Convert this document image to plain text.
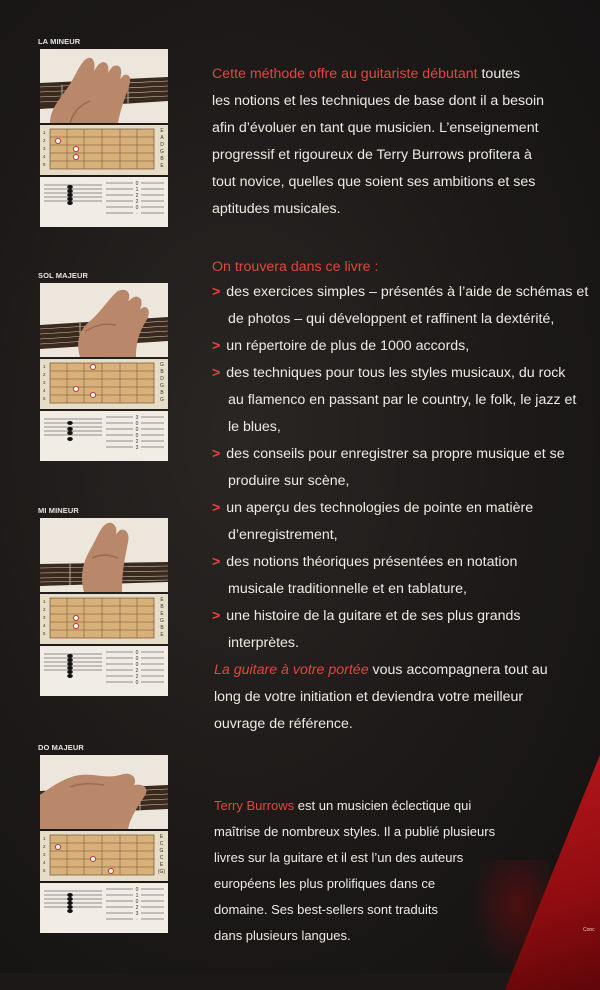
Conc
LA MINEUR
1
2
3
4
5
E
A
D
G
B
E
0
1
2
2
0
·
SOL MAJEUR
1
2
3
4
5
G
B
D
G
B
G
3
0
0
0
2
3
MI MINEUR
1
2
3
4
5
E
B
E
G
B
E
0
0
0
2
2
0
DO MAJEUR
1
2
3
4
5
E
C
G
C
E
(G)
0
1
0
2
3
·
Cette méthode offre au guitariste débutant toutes
les notions et les techniques de base dont il a besoin
afin d’évoluer en tant que musicien. L’enseignement
progressif et rigoureux de Terry Burrows profitera à
tout novice, quelles que soient ses ambitions et ses
aptitudes musicales.
On trouvera dans ce livre :
> des exercices simples – présentés à l’aide de schémas et
de photos – qui développent et raffinent la dextérité,
> un répertoire de plus de 1000 accords,
> des techniques pour tous les styles musicaux, du rock
au flamenco en passant par le country, le folk, le jazz et
le blues,
> des conseils pour enregistrer sa propre musique et se
produire sur scène,
> un aperçu des technologies de pointe en matière
d’enregistrement,
> des notions théoriques présentées en notation
musicale traditionnelle et en tablature,
> une histoire de la guitare et de ses plus grands
interprètes.
La guitare à votre portée vous accompagnera tout au
long de votre initiation et deviendra votre meilleur
ouvrage de référence.
Terry Burrows est un musicien éclectique qui
maîtrise de nombreux styles. Il a publié plusieurs
livres sur la guitare et il est l’un des auteurs
européens les plus prolifiques dans ce
domaine. Ses best-sellers sont traduits
dans plusieurs langues.
